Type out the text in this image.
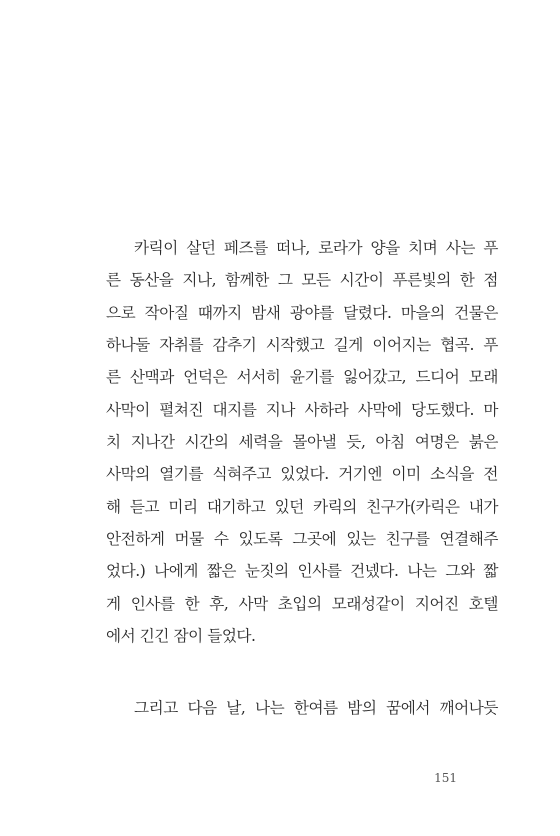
카릭이 살던 페즈를 떠나, 로라가 양을 치며 사는 푸
른 동산을 지나, 함께한 그 모든 시간이 푸른빛의 한 점
으로 작아질 때까지 밤새 광야를 달렸다. 마을의 건물은
하나둘 자취를 감추기 시작했고 길게 이어지는 협곡. 푸
른 산맥과 언덕은 서서히 윤기를 잃어갔고, 드디어 모래
사막이 펼쳐진 대지를 지나 사하라 사막에 당도했다. 마
치 지나간 시간의 세력을 몰아낼 듯, 아침 여명은 붉은
사막의 열기를 식혀주고 있었다. 거기엔 이미 소식을 전
해 듣고 미리 대기하고 있던 카릭의 친구가(카릭은 내가
안전하게 머물 수 있도록 그곳에 있는 친구를 연결해주
었다.) 나에게 짧은 눈짓의 인사를 건넸다. 나는 그와 짧
게 인사를 한 후, 사막 초입의 모래성같이 지어진 호텔
에서 긴긴 잠이 들었다.
그리고 다음 날, 나는 한여름 밤의 꿈에서 깨어나듯
151
